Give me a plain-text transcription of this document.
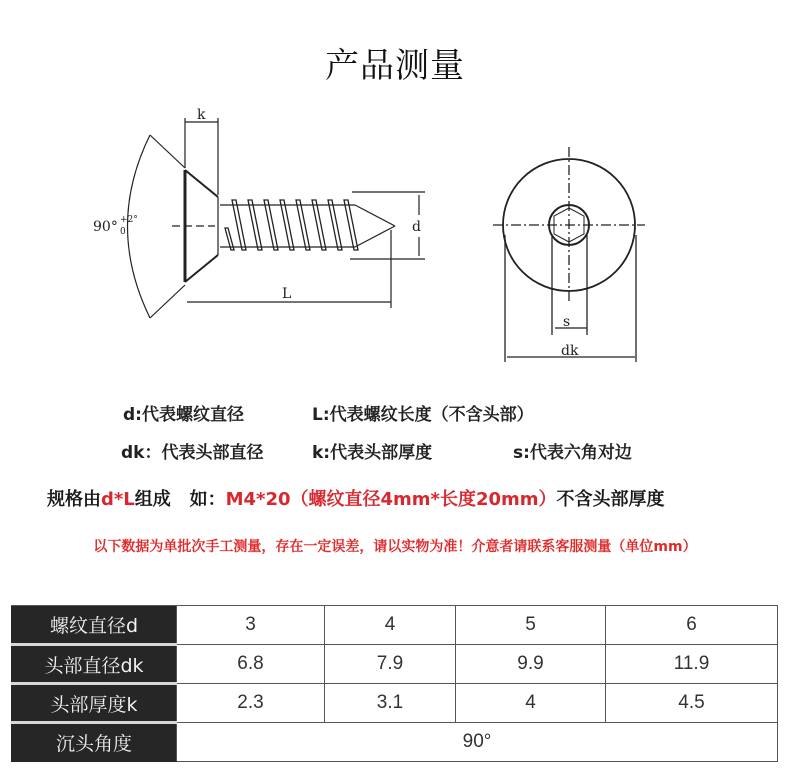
产品测量
k
d
L
90° +2°
0
s
dk
d:代表螺纹直径	L:代表螺纹长度（不含头部）
dk：代表头部直径	k:代表头部厚度	s:代表六角对边
规格由d*L组成   如：M4*20（螺纹直径4mm*长度20mm）不含头部厚度
以下数据为单批次手工测量，存在一定误差，请以实物为准！介意者请联系客服测量（单位mm）
螺纹直径d	3	4	5	6
头部直径dk	6.8	7.9	9.9	11.9
头部厚度k	2.3	3.1	4	4.5
沉头角度	90°			
